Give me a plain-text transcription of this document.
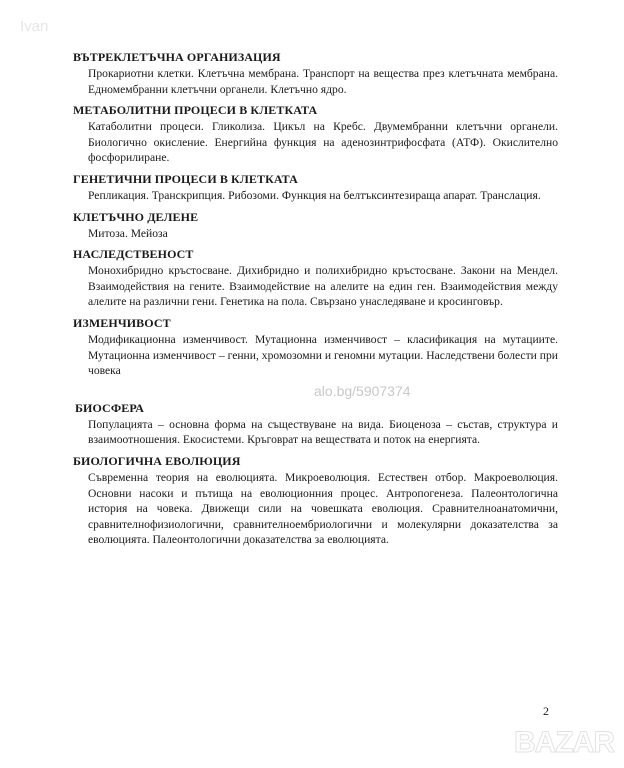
Ivan

ВЪТРЕКЛЕТЪЧНА ОРГАНИЗАЦИЯ

Прокариотни клетки. Клетъчна мембрана. Транспорт на вещества през клетъчната мембрана. Едномембранни клетъчни органели. Клетъчно ядро.

МЕТАБОЛИТНИ ПРОЦЕСИ В КЛЕТКАТА

Катаболитни процеси. Гликолиза. Цикъл на Кребс. Двумембранни клетъчни органели. Биологично окисление. Енергийна функция на аденозинтрифосфата (АТФ). Окислително фосфорилиране.

ГЕНЕТИЧНИ ПРОЦЕСИ В КЛЕТКАТА

Репликация. Транскрипция. Рибозоми. Функция на белтъксинтезираща апарат. Транслация.

КЛЕТЪЧНО ДЕЛЕНЕ

Митоза. Мейоза

НАСЛЕДСТВЕНОСТ

Монохибридно кръстосване. Дихибридно и полихибридно кръстосване. Закони на Мендел. Взаимодействия на гените. Взаимодействие на алелите на един ген. Взаимодействия между алелите на различни гени. Генетика на пола. Свързано унаследяване и кросинговър.

ИЗМЕНЧИВОСТ

Модификационна изменчивост. Мутационна изменчивост – класификация на мутациите. Мутационна изменчивост – генни, хромозомни и геномни мутации. Наследствени болести при човека

alo.bg/5907374

БИОСФЕРА

Популацията – основна форма на съществуване на вида. Биоценоза – състав, структура и взаимоотношения. Екосистеми. Кръговрат на веществата и поток на енергията.

БИОЛОГИЧНА ЕВОЛЮЦИЯ

Съвременна теория на еволюцията. Микроеволюция. Естествен отбор. Макроеволюция. Основни насоки и пътища на еволюционния процес. Антропогенеза. Палеонтологична история на човека. Движещи сили на човешката еволюция. Сравнителноанатомични, сравнителнофизиологични, сравнителноембриологични и молекулярни доказателства за еволюцията. Палеонтологични доказателства за еволюцията.

2
BAZAR
